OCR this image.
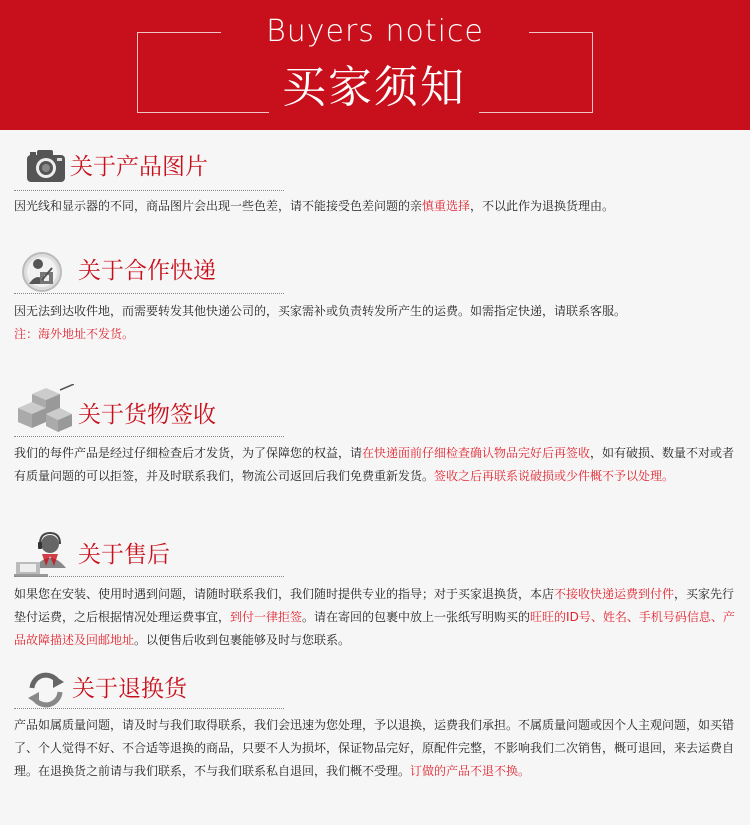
Buyers notice
买家须知
关于产品图片

因光线和显示器的不同，商品图片会出现一些色差，请不能接受色差问题的亲慎重选择，不以此作为退换货理由。

关于合作快递

因无法到达收件地，而需要转发其他快递公司的，买家需补或负责转发所产生的运费。如需指定快递，请联系客服。

注：海外地址不发货。

关于货物签收

我们的每件产品是经过仔细检查后才发货，为了保障您的权益，请在快递面前仔细检查确认物品完好后再签收，如有破损、数量不对或者有质量问题的可以拒签，并及时联系我们，物流公司返回后我们免费重新发货。签收之后再联系说破损或少件概不予以处理。

关于售后

如果您在安装、使用时遇到问题，请随时联系我们，我们随时提供专业的指导；对于买家退换货，本店不接收快递运费到付件，买家先行垫付运费，之后根据情况处理运费事宜，到付一律拒签。请在寄回的包裹中放上一张纸写明购买的旺旺的ID号、姓名、手机号码信息、产品故障描述及回邮地址。以便售后收到包裹能够及时与您联系。

关于退换货

产品如属质量问题，请及时与我们取得联系，我们会迅速为您处理，予以退换，运费我们承担。不属质量问题或因个人主观问题，如买错了、个人觉得不好、不合适等退换的商品，只要不人为损坏，保证物品完好，原配件完整，不影响我们二次销售，概可退回，来去运费自理。在退换货之前请与我们联系，不与我们联系私自退回，我们概不受理。订做的产品不退不换。
